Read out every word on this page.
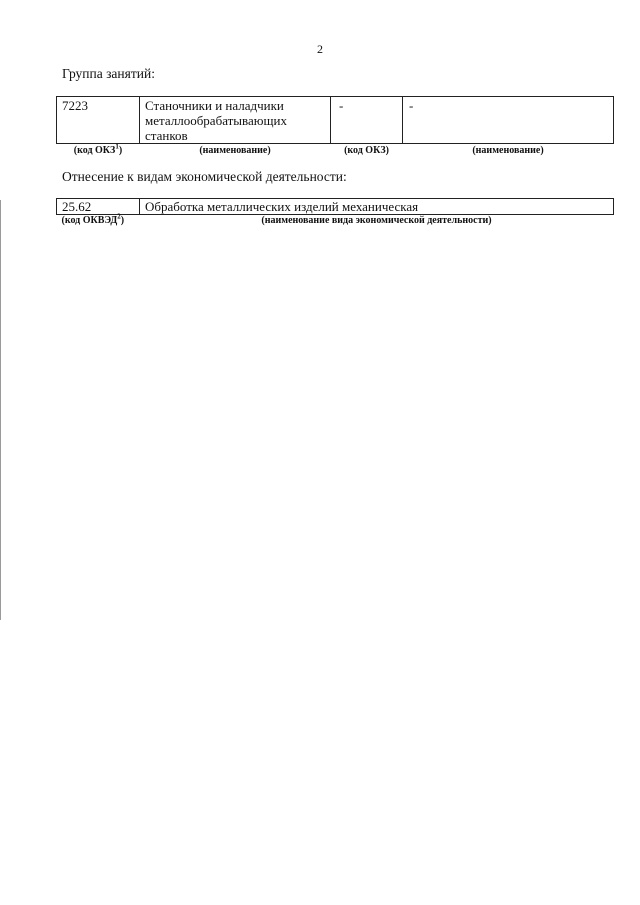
2
Группа занятий:
7223	Станочники и наладчики
металлообрабатывающих
станков	-	-
(код ОКЗ$^1$)	(наименование)	(код ОКЗ)	(наименование)
Отнесение к видам экономической деятельности:
25.62	Обработка металлических изделий механическая
(код ОКВЭД$^2$)	(наименование вида экономической деятельности)
